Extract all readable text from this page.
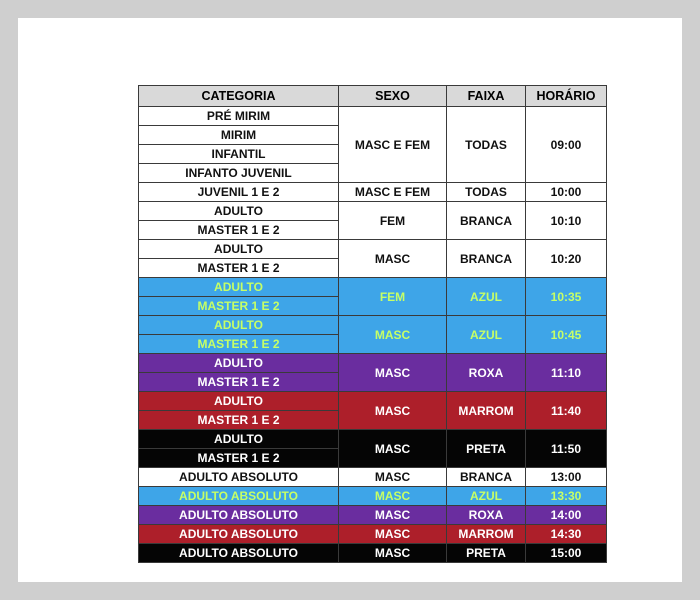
CATEGORIA	SEXO	FAIXA	HORÁRIO
PRÉ MIRIM	MASC E FEM	TODAS	09:00
MIRIM			
INFANTIL			
INFANTO JUVENIL			
JUVENIL 1 E 2	MASC E FEM	TODAS	10:00
ADULTO	FEM	BRANCA	10:10
MASTER 1 E 2			
ADULTO	MASC	BRANCA	10:20
MASTER 1 E 2			
ADULTO	FEM	AZUL	10:35
MASTER 1 E 2			
ADULTO	MASC	AZUL	10:45
MASTER 1 E 2			
ADULTO	MASC	ROXA	11:10
MASTER 1 E 2			
ADULTO	MASC	MARROM	11:40
MASTER 1 E 2			
ADULTO	MASC	PRETA	11:50
MASTER 1 E 2			
ADULTO ABSOLUTO	MASC	BRANCA	13:00
ADULTO ABSOLUTO	MASC	AZUL	13:30
ADULTO ABSOLUTO	MASC	ROXA	14:00
ADULTO ABSOLUTO	MASC	MARROM	14:30
ADULTO ABSOLUTO	MASC	PRETA	15:00
